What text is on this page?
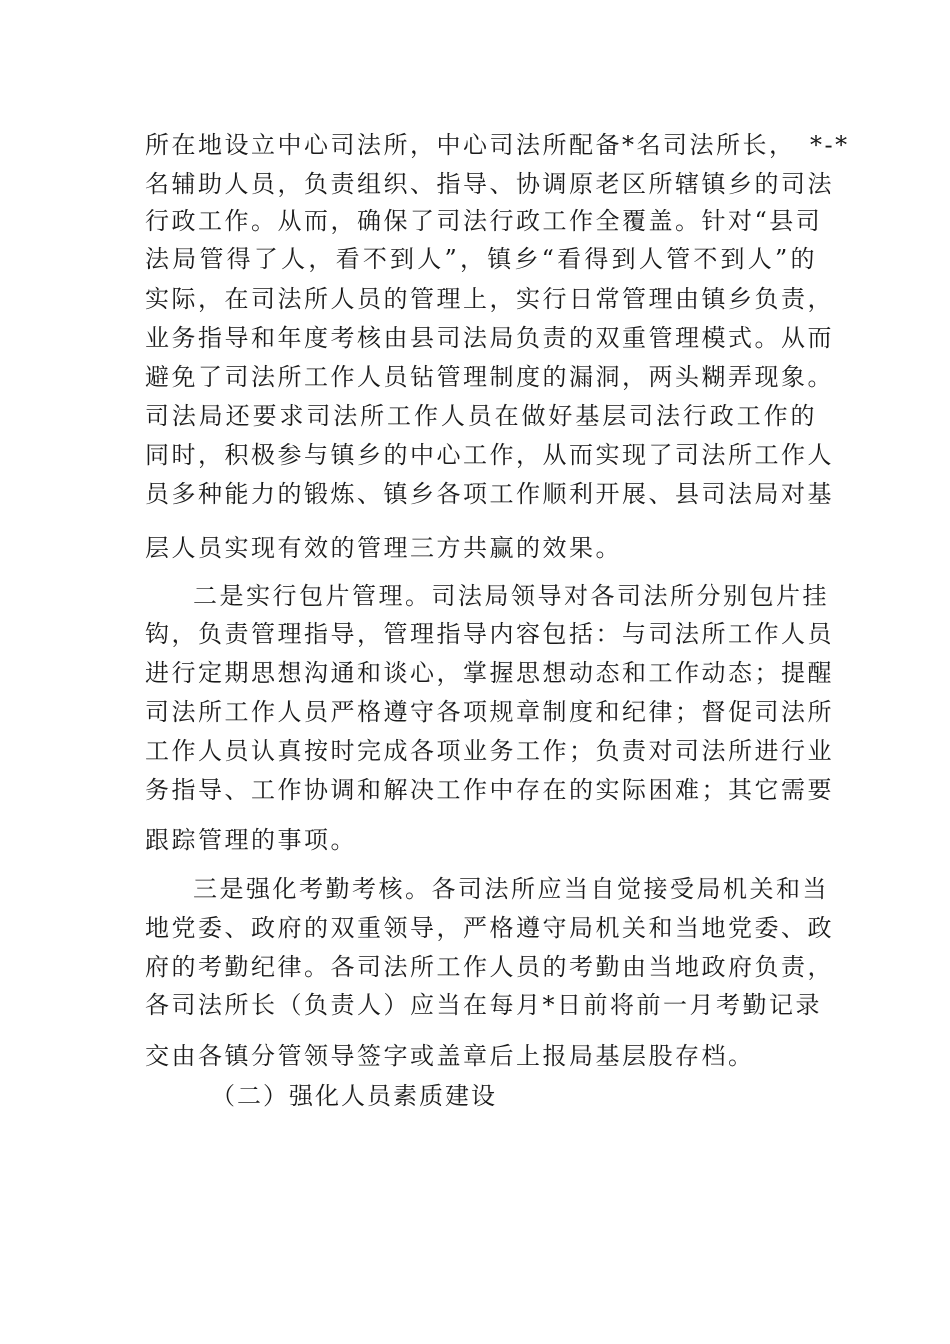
所在地设立中心司法所，中心司法所配备*名司法所长，　*-*
名辅助人员，负责组织、指导、协调原老区所辖镇乡的司法
行政工作。从而，确保了司法行政工作全覆盖。针对“县司
法局管得了人，看不到人”，镇乡“看得到人管不到人”的
实际，在司法所人员的管理上，实行日常管理由镇乡负责，
业务指导和年度考核由县司法局负责的双重管理模式。从而
避免了司法所工作人员钻管理制度的漏洞，两头糊弄现象。
司法局还要求司法所工作人员在做好基层司法行政工作的
同时，积极参与镇乡的中心工作，从而实现了司法所工作人
员多种能力的锻炼、镇乡各项工作顺利开展、县司法局对基
层人员实现有效的管理三方共赢的效果。
二是实行包片管理。司法局领导对各司法所分别包片挂
钩，负责管理指导，管理指导内容包括：与司法所工作人员
进行定期思想沟通和谈心，掌握思想动态和工作动态；提醒
司法所工作人员严格遵守各项规章制度和纪律；督促司法所
工作人员认真按时完成各项业务工作；负责对司法所进行业
务指导、工作协调和解决工作中存在的实际困难；其它需要
跟踪管理的事项。
三是强化考勤考核。各司法所应当自觉接受局机关和当
地党委、政府的双重领导，严格遵守局机关和当地党委、政
府的考勤纪律。各司法所工作人员的考勤由当地政府负责，
各司法所长（负责人）应当在每月*日前将前一月考勤记录
交由各镇分管领导签字或盖章后上报局基层股存档。
（二）强化人员素质建设
